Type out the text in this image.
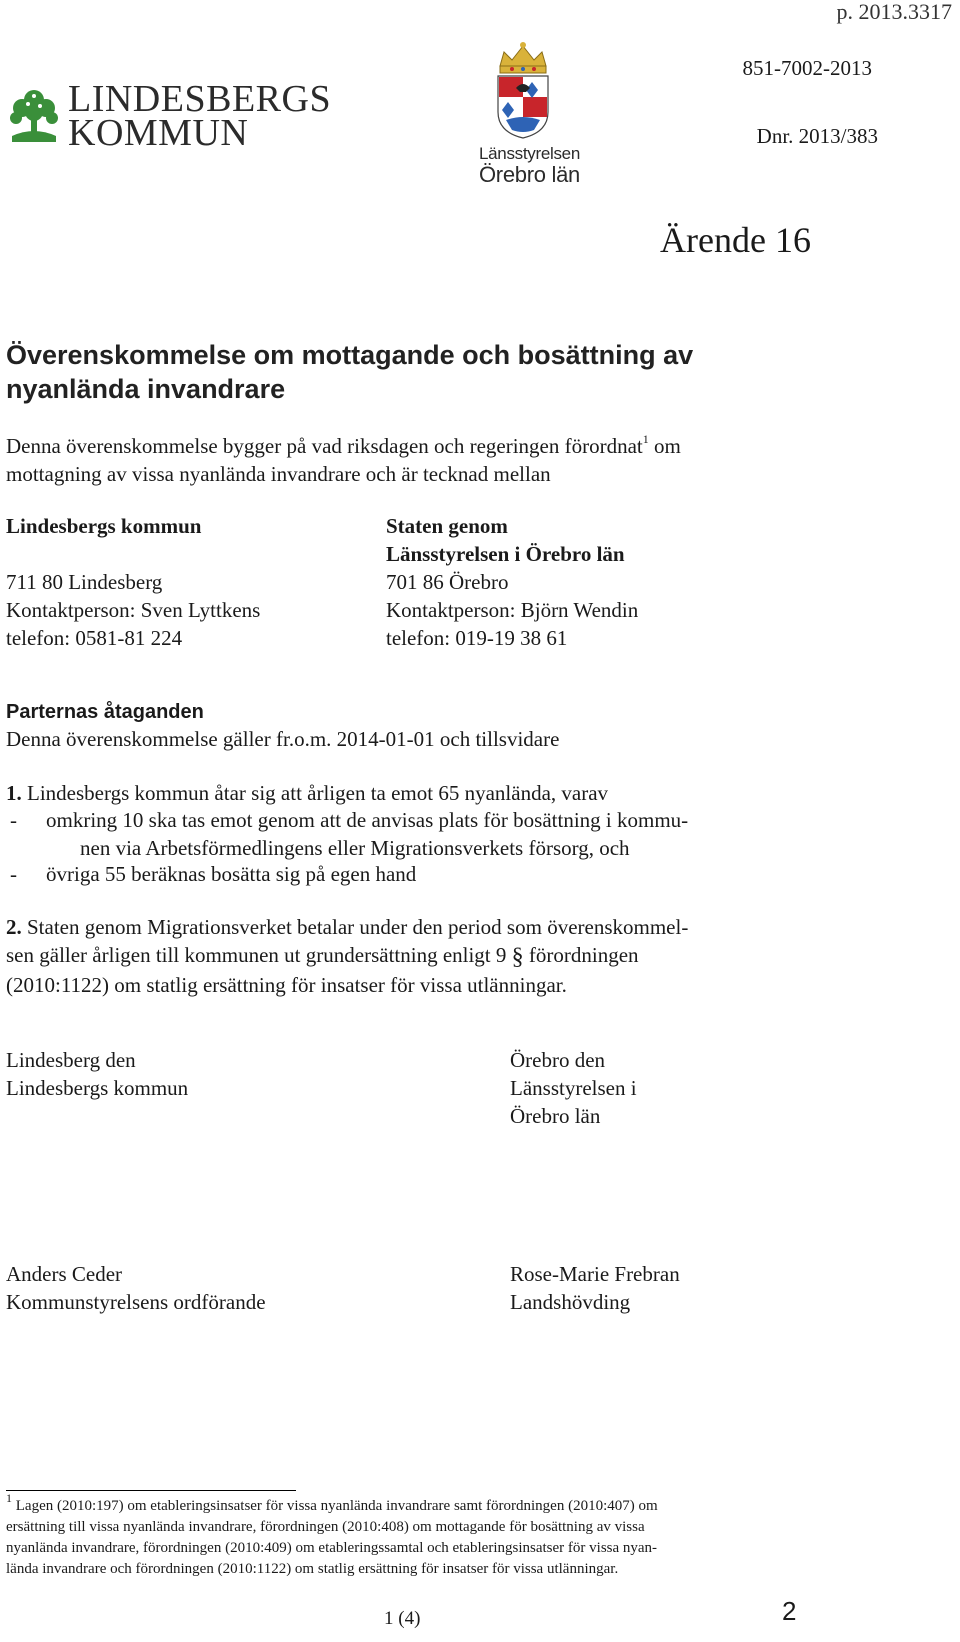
p. 2013.3317
851-7002-2013
Dnr. 2013/383
Ärende 16
LINDESBERGS
KOMMUN	Länsstyrelsen
Örebro län
Överenskommelse om mottagande och bosättning av
nyanlända invandrare
Denna överenskommelse bygger på vad riksdagen och regeringen förordnat$^1$ om
mottagning av vissa nyanlända invandrare och är tecknad mellan
Lindesbergs kommun
711 80 Lindesberg
Kontaktperson: Sven Lyttkens
telefon: 0581-81 224
Staten genom
Länsstyrelsen i Örebro län
701 86 Örebro
Kontaktperson: Björn Wendin
telefon: 019-19 38 61
Parternas åtaganden
Denna överenskommelse gäller fr.o.m. 2014-01-01 och tillsvidare
1. Lindesbergs kommun åtar sig att årligen ta emot 65 nyanlända, varav
- omkring 10 ska tas emot genom att de anvisas plats för bosättning i kommu-
nen via Arbetsförmedlingens eller Migrationsverkets försorg, och
- övriga 55 beräknas bosätta sig på egen hand
2. Staten genom Migrationsverket betalar under den period som överenskommel-
sen gäller årligen till kommunen ut grundersättning enligt 9 § förordningen
(2010:1122) om statlig ersättning för insatser för vissa utlänningar.
Lindesberg den
Lindesbergs kommun
Örebro den
Länsstyrelsen i
Örebro län
Anders Ceder
Kommunstyrelsens ordförande
Rose-Marie Frebran
Landshövding
$^1$ Lagen (2010:197) om etableringsinsatser för vissa nyanlända invandrare samt förordningen (2010:407) om
ersättning till vissa nyanlända invandrare, förordningen (2010:408) om mottagande för bosättning av vissa
nyanlända invandrare, förordningen (2010:409) om etableringssamtal och etableringsinsatser för vissa nyan-
lända invandrare och förordningen (2010:1122) om statlig ersättning för insatser för vissa utlänningar.
1 (4)	2
